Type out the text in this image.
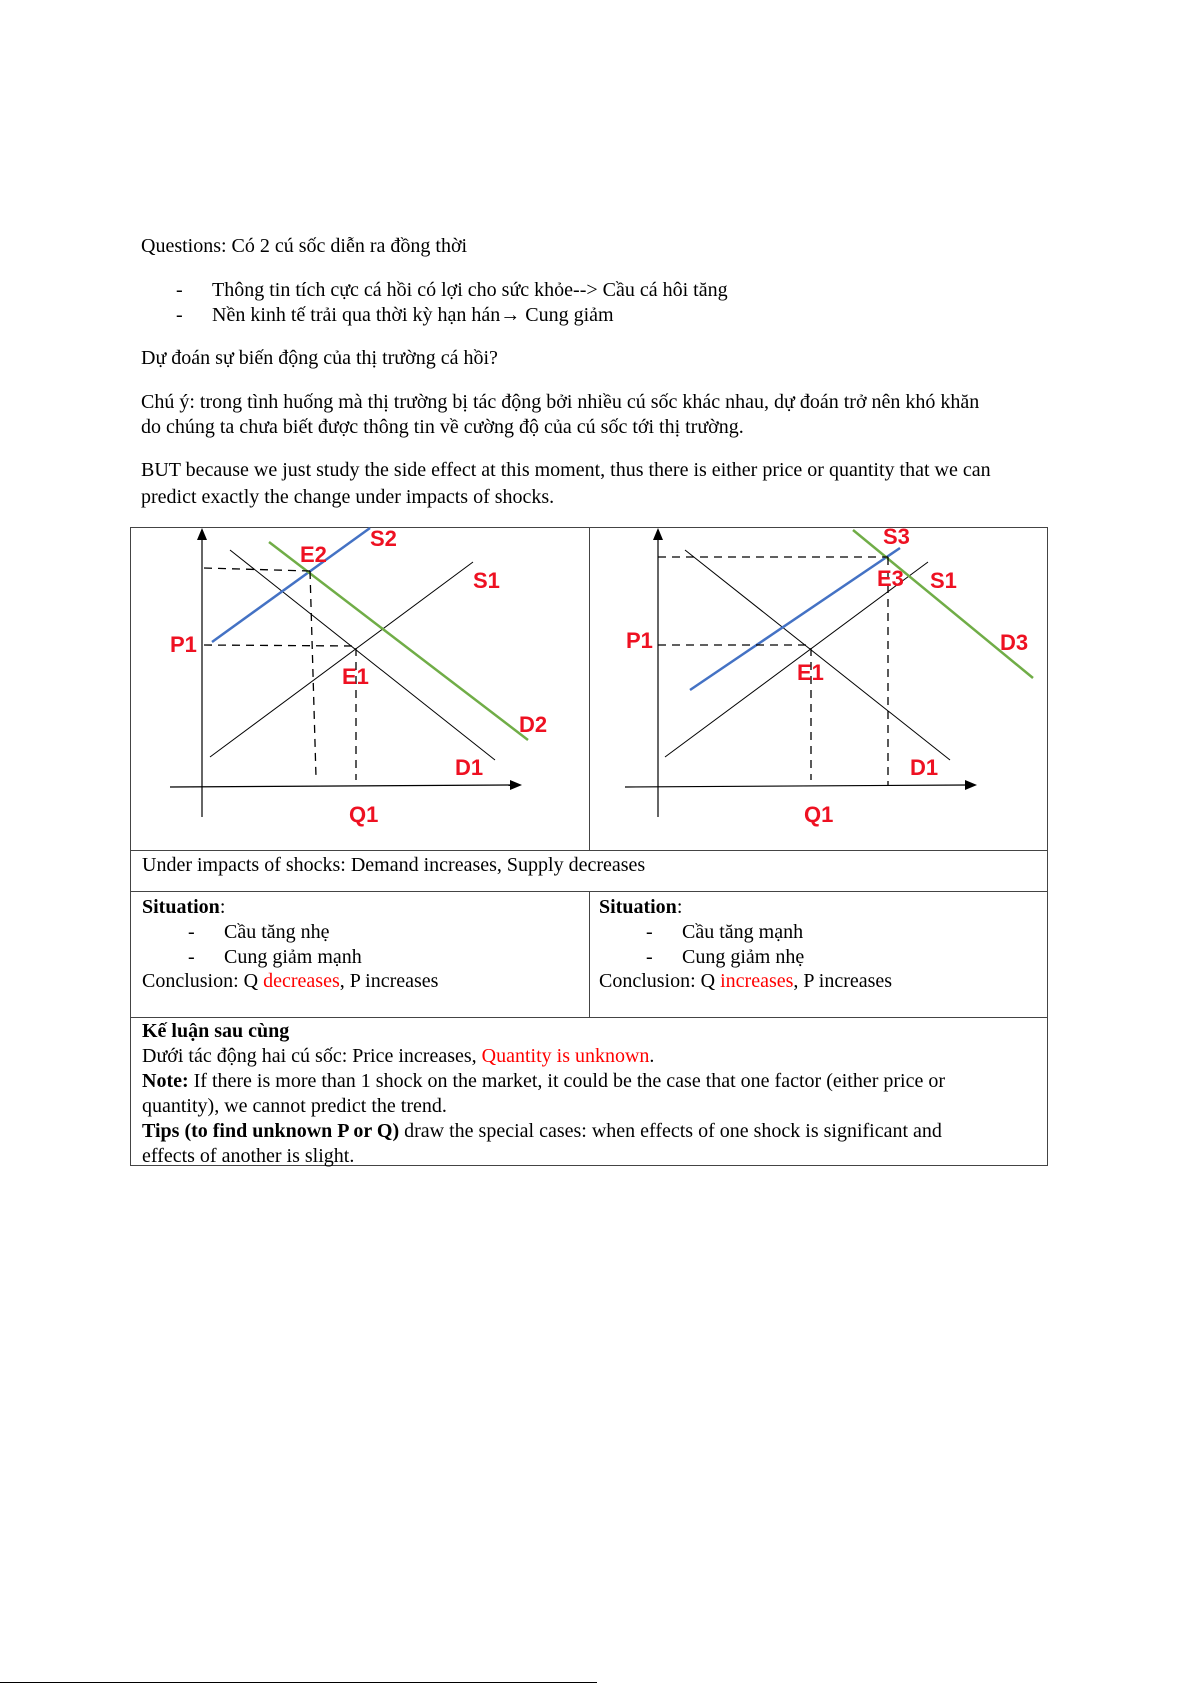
Questions: Có 2 cú sốc diễn ra đồng thời
- Thông tin tích cực cá hồi có lợi cho sức khỏe--> Cầu cá hôi tăng
- Nền kinh tế trải qua thời kỳ hạn hán→ Cung giảm
Dự đoán sự biến động của thị trường cá hồi?
Chú ý: trong tình huống mà thị trường bị tác động bởi nhiều cú sốc khác nhau, dự đoán trở nên khó khăn
do chúng ta chưa biết được thông tin về cường độ của cú sốc tới thị trường.
BUT because we just study the side effect at this moment, thus there is either price or quantity that we can
predict exactly the change under impacts of shocks.
Under impacts of shocks: Demand increases, Supply decreases
Situation:
- Cầu tăng nhẹ
- Cung giảm mạnh
Conclusion: Q decreases, P increases
Situation:
- Cầu tăng mạnh
- Cung giảm nhẹ
Conclusion: Q increases, P increases
Kế luận sau cùng
Dưới tác động hai cú sốc: Price increases, Quantity is unknown.
Note: If there is more than 1 shock on the market, it could be the case that one factor (either price or
quantity), we cannot predict the trend.
Tips (to find unknown P or Q) draw the special cases: when effects of one shock is significant and
effects of another is slight.
S2
E2
S1
P1
E1
D2
D1
Q1
S3
E3 S1
P1	D3
E1
D1
Q1
